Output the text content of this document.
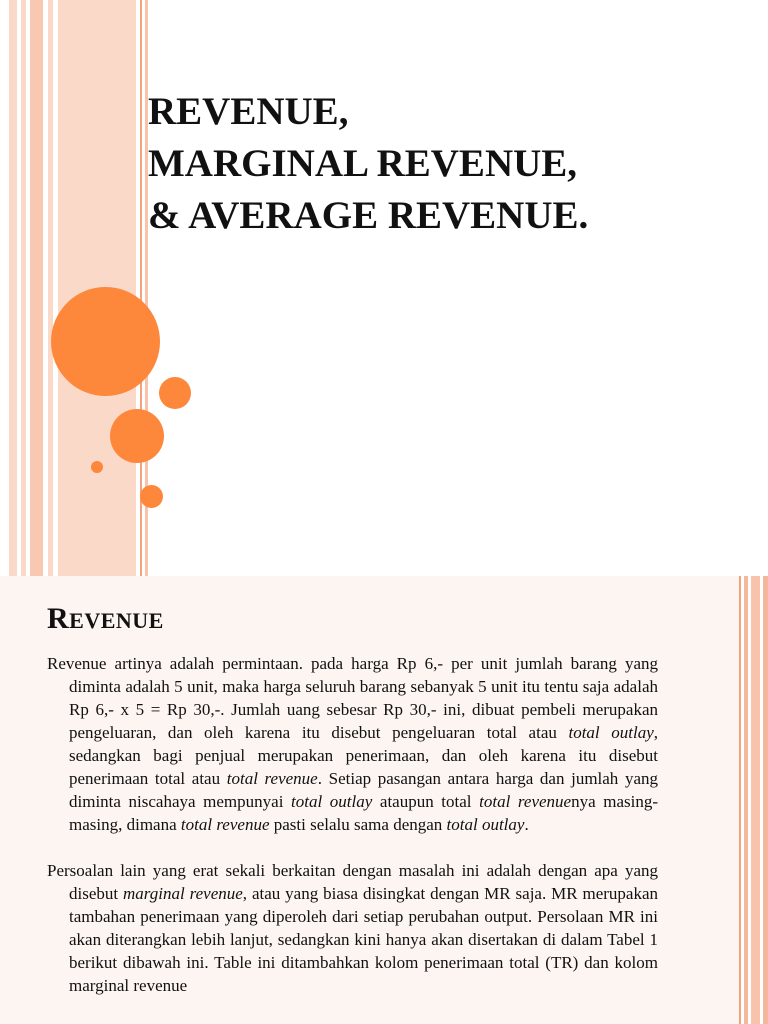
REVENUE,
MARGINAL REVENUE,
& AVERAGE REVENUE.
REVENUE

Revenue artinya adalah permintaan. pada harga Rp 6,- per unit jumlah barang yang diminta adalah 5 unit, maka harga seluruh barang sebanyak 5 unit itu tentu saja adalah Rp 6,- x 5 = Rp 30,-. Jumlah uang sebesar Rp 30,- ini, dibuat pembeli merupakan pengeluaran, dan oleh karena itu disebut pengeluaran total atau total outlay, sedangkan bagi penjual merupakan penerimaan, dan oleh karena itu disebut penerimaan total atau total revenue. Setiap pasangan antara harga dan jumlah yang diminta niscahaya mempunyai total outlay ataupun total total revenuenya masing-masing, dimana total revenue pasti selalu sama dengan total outlay.

Persoalan lain yang erat sekali berkaitan dengan masalah ini adalah dengan apa yang disebut marginal revenue, atau yang biasa disingkat dengan MR saja. MR merupakan tambahan penerimaan yang diperoleh dari setiap perubahan output. Persolaan MR ini akan diterangkan lebih lanjut, sedangkan kini hanya akan disertakan di dalam Tabel 1 berikut dibawah ini. Table ini ditambahkan kolom penerimaan total (TR) dan kolom marginal revenue
